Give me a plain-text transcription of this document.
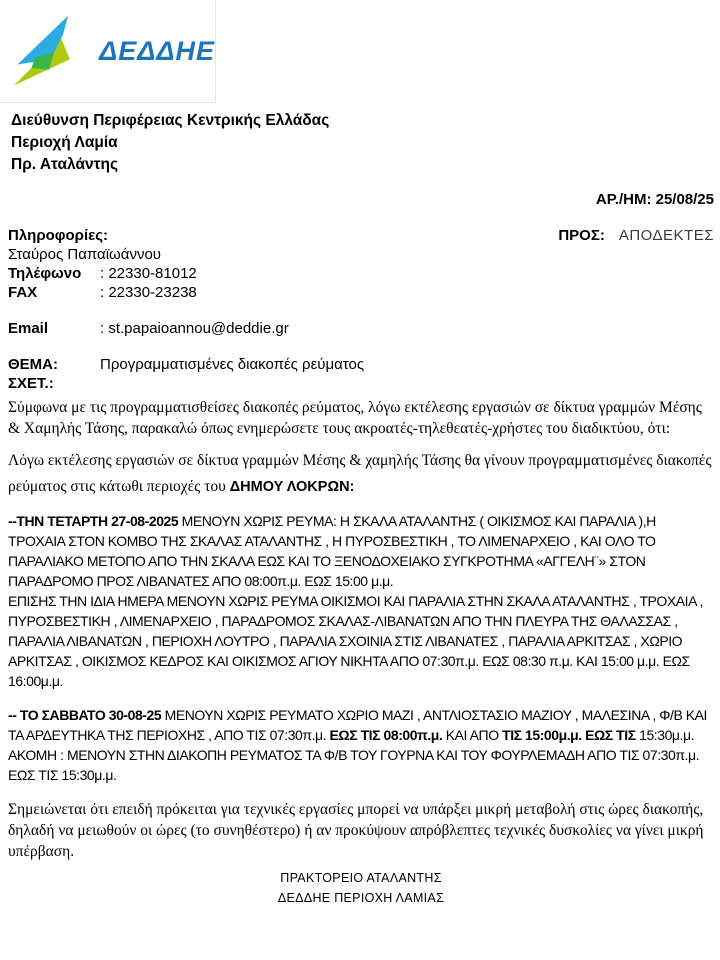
ΔΕΔΔΗΕ
Διεύθυνση Περιφέρειας Κεντρικής Ελλάδας
Περιοχή Λαμία
Πρ. Αταλάντης
ΑΡ./ΗΜ: 25/08/25
Πληροφορίες:	ΠΡΟΣ: ΑΠΟΔΕΚΤΕΣ
Σταύρος Παπαϊωάννου
Τηλέφωνο : 22330-81012
FAX	: 22330-23238
Email	: st.papaioannou@deddie.gr
ΘΕΜΑ:	Προγραμματισμένες διακοπές ρεύματος
ΣΧΕΤ.:

Σύμφωνα με τις προγραμματισθείσες διακοπές ρεύματος, λόγω εκτέλεσης εργασιών σε δίκτυα γραμμών Μέσης & Χαμηλής Τάσης, παρακαλώ όπως ενημερώσετε τους ακροατές-τηλεθεατές-χρήστες του διαδικτύου, ότι:

Λόγω εκτέλεσης εργασιών σε δίκτυα γραμμών Μέσης & χαμηλής Τάσης θα γίνουν προγραμματισμένες διακοπές ρεύματος στις κάτωθι περιοχές του ΔΗΜΟΥ ΛΟΚΡΩΝ:

--ΤΗΝ ΤΕΤΑΡΤΗ 27-08-2025 ΜΕΝΟΥΝ ΧΩΡΙΣ ΡΕΥΜΑ: Η ΣΚΑΛΑ ΑΤΑΛΑΝΤΗΣ ( ΟΙΚΙΣΜΟΣ ΚΑΙ ΠΑΡΑΛΙΑ ),Η ΤΡΟΧΑΙΑ ΣΤΟΝ ΚΟΜΒΟ ΤΗΣ ΣΚΑΛΑΣ ΑΤΑΛΑΝΤΗΣ , Η ΠΥΡΟΣΒΕΣΤΙΚΗ , ΤΟ ΛΙΜΕΝΑΡΧΕΙΟ , ΚΑΙ ΟΛΟ ΤΟ ΠΑΡΑΛΙΑΚΟ ΜΕΤΟΠΟ ΑΠΟ ΤΗΝ ΣΚΑΛΑ ΕΩΣ ΚΑΙ ΤΟ ΞΕΝΟΔΟΧΕΙΑΚΟ ΣΥΓΚΡΟΤΗΜΑ «ΑΓΓΕΛΗ¨» ΣΤΟΝ ΠΑΡΑΔΡΟΜΟ ΠΡΟΣ ΛΙΒΑΝΑΤΕΣ ΑΠΟ 08:00π.μ. ΕΩΣ 15:00 μ.μ.

ΕΠΙΣΗΣ ΤΗΝ ΙΔΙΑ ΗΜΕΡΑ ΜΕΝΟΥΝ ΧΩΡΙΣ ΡΕΥΜΑ ΟΙΚΙΣΜΟΙ ΚΑΙ ΠΑΡΑΛΙΑ ΣΤΗΝ ΣΚΑΛΑ ΑΤΑΛΑΝΤΗΣ , ΤΡΟΧΑΙΑ , ΠΥΡΟΣΒΕΣΤΙΚΗ , ΛΙΜΕΝΑΡΧΕΙΟ , ΠΑΡΑΔΡΟΜΟΣ ΣΚΑΛΑΣ-ΛΙΒΑΝΑΤΩΝ ΑΠΟ ΤΗΝ ΠΛΕΥΡΑ ΤΗΣ ΘΑΛΑΣΣΑΣ , ΠΑΡΑΛΙΑ ΛΙΒΑΝΑΤΩΝ , ΠΕΡΙΟΧΗ ΛΟΥΤΡΟ , ΠΑΡΑΛΙΑ ΣΧΟΙΝΙΑ ΣΤΙΣ ΛΙΒΑΝΑΤΕΣ , ΠΑΡΑΛΙΑ ΑΡΚΙΤΣΑΣ , ΧΩΡΙΟ ΑΡΚΙΤΣΑΣ , ΟΙΚΙΣΜΟΣ ΚΕΔΡΟΣ ΚΑΙ ΟΙΚΙΣΜΟΣ ΑΓΙΟΥ ΝΙΚΗΤΑ ΑΠΟ 07:30π.μ. ΕΩΣ 08:30 π.μ. ΚΑΙ 15:00 μ.μ. ΕΩΣ 16:00μ.μ.

-- ΤΟ ΣΑΒΒΑΤΟ 30-08-25 ΜΕΝΟΥΝ ΧΩΡΙΣ ΡΕΥΜΑΤΟ ΧΩΡΙΟ ΜΑΖΙ , ΑΝΤΛΙΟΣΤΑΣΙΟ ΜΑΖΙΟΥ , ΜΑΛΕΣΙΝΑ , Φ/Β ΚΑΙ ΤΑ ΑΡΔΕΥΤΗΚΑ ΤΗΣ ΠΕΡΙΟΧΗΣ , ΑΠΟ ΤΙΣ 07:30π.μ. ΕΩΣ ΤΙΣ 08:00π.μ. ΚΑΙ ΑΠΟ ΤΙΣ 15:00μ.μ. ΕΩΣ ΤΙΣ 15:30μ.μ.

ΑΚΟΜΗ : ΜΕΝΟΥΝ ΣΤΗΝ ΔΙΑΚΟΠΗ ΡΕΥΜΑΤΟΣ ΤΑ Φ/Β ΤΟΥ ΓΟΥΡΝΑ ΚΑΙ ΤΟΥ ΦΟΥΡΛΕΜΑΔΗ ΑΠΟ ΤΙΣ 07:30π.μ. ΕΩΣ ΤΙΣ 15:30μ.μ.

Σημειώνεται ότι επειδή πρόκειται για τεχνικές εργασίες μπορεί να υπάρξει μικρή μεταβολή στις ώρες διακοπής, δηλαδή να μειωθούν οι ώρες (το συνηθέστερο) ή αν προκύψουν απρόβλεπτες τεχνικές δυσκολίες να γίνει μικρή υπέρβαση.

ΠΡΑΚΤΟΡΕΙΟ ΑΤΑΛΑΝΤΗΣ
ΔΕΔΔΗΕ ΠΕΡΙΟΧΗ ΛΑΜΙΑΣ
